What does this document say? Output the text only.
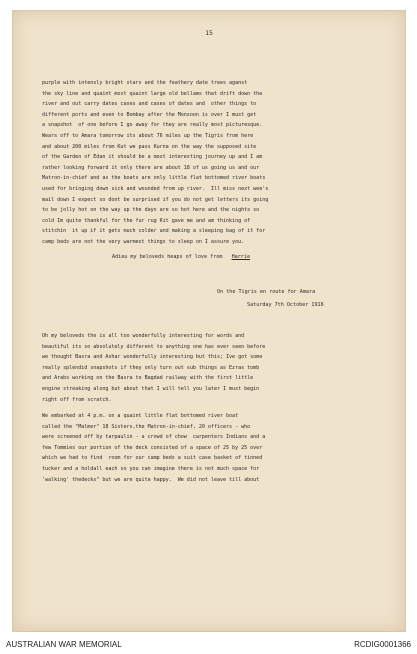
15
purple with intensly bright stars and the feathery date trees aganst
the sky line and quaint most quaint large old bellams that drift down the
river and out carry dates cases and cases of dates and  other things to
different ports and even to Bombay after the Monsoon is over I must get
a snapshot  of one before I go away for they are really most picturesque.
Wears off to Amara tomorrow its about 76 miles up the Tigris from here
and about 200 miles from Kut we pass Kurna on the way the supposed site
of the Garden of Edan it should be a most interesting journey up and I am
rather looking forward it only there are about 18 of us going us and our
Matron-in-chief and as the boats are only little flat bottomed river boats
used for bringing down sick and wounded from up river.  Ill miss next wee's
mail down I expect so dont be surprised if you do not get letters its going
to be jolly hot on the way up the days are so hot here and the nights so
cold Im quite thankful for the fur rug Kit gave me and am thinking of
stitchin  it up if it gets much colder and making a sleeping bag of it for
camp beds are not the very warmest things to sleep on I assure you.
Adieu my beloveds heaps of love from Harrie
On the Tigris en route for Amara
Saturday 7th October 1916
Oh my beloveds the is all too wonderfully interesting for words and
beautiful its so absolutely different to anything one has ever seen before
we thought Basra and Ashar wonderfully interesting but this; Ive got some
really splendid snapshots if they only turn out sub things as Ezras tomb
and Arabs working on the Basra to Bagdad railway with the first little
engine streaking along but about that I will tell you later I must begin
right off from scratch.
We embarked at 4 p.m. on a quaint little flat bottomed river boat
called the "Malmer" 18 Sisters,the Matron-in-chief, 20 officers - who
were screened off by tarpaulin - a crowd of chow  carpenters Indians and a
few Tommies our portion of the deck consisted of a space of 25 by 25 over
which we had to find  room for our camp beds a suit case basket of tinned
tucker and a holdall each so you can imagine there is not much space for
'walking' thedecks" but we are quite happy.  We did not leave till about
AUSTRALIAN WAR MEMORIAL	RCDIG0001366
